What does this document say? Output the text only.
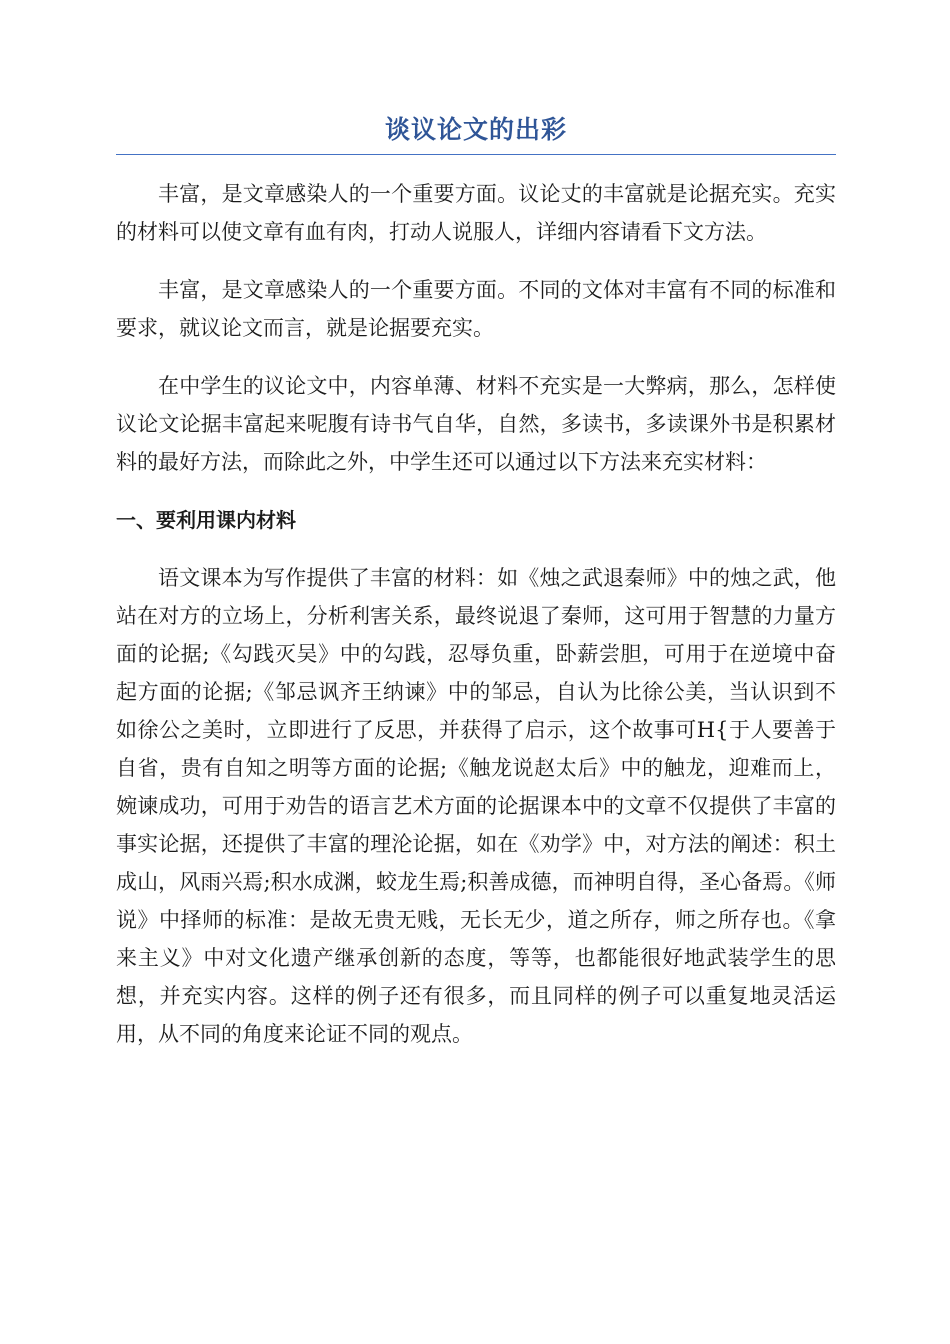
谈议论文的出彩

丰富，是文章感染人的一个重要方面。议论丈的丰富就是论据充实。充实的材料可以使文章有血有肉，打动人说服人，详细内容请看下文方法。

丰富，是文章感染人的一个重要方面。不同的文体对丰富有不同的标准和要求，就议论文而言，就是论据要充实。

在中学生的议论文中，内容单薄、材料不充实是一大弊病，那么，怎样使议论文论据丰富起来呢腹有诗书气自华，自然，多读书，多读课外书是积累材料的最好方法，而除此之外，中学生还可以通过以下方法来充实材料：

一、要利用课内材料

语文课本为写作提供了丰富的材料：如《烛之武退秦师》中的烛之武，他站在对方的立场上，分析利害关系，最终说退了秦师，这可用于智慧的力量方面的论据;《勾践灭吴》中的勾践，忍辱负重，卧薪尝胆，可用于在逆境中奋起方面的论据;《邹忌讽齐王纳谏》中的邹忌，自认为比徐公美，当认识到不如徐公之美时，立即进行了反思，并获得了启示，这个故事可H{于人要善于自省，贵有自知之明等方面的论据;《触龙说赵太后》中的触龙，迎难而上，婉谏成功，可用于劝告的语言艺术方面的论据课本中的文章不仅提供了丰富的事实论据，还提供了丰富的理沦论据，如在《劝学》中，对方法的阐述：积土成山，风雨兴焉;积水成渊，蛟龙生焉;积善成德，而神明自得，圣心备焉。《师说》中择师的标准：是故无贵无贱，无长无少，道之所存，师之所存也。《拿来主义》中对文化遗产继承创新的态度，等等，也都能很好地武装学生的思想，并充实内容。这样的例子还有很多，而且同样的例子可以重复地灵活运用，从不同的角度来论证不同的观点。
